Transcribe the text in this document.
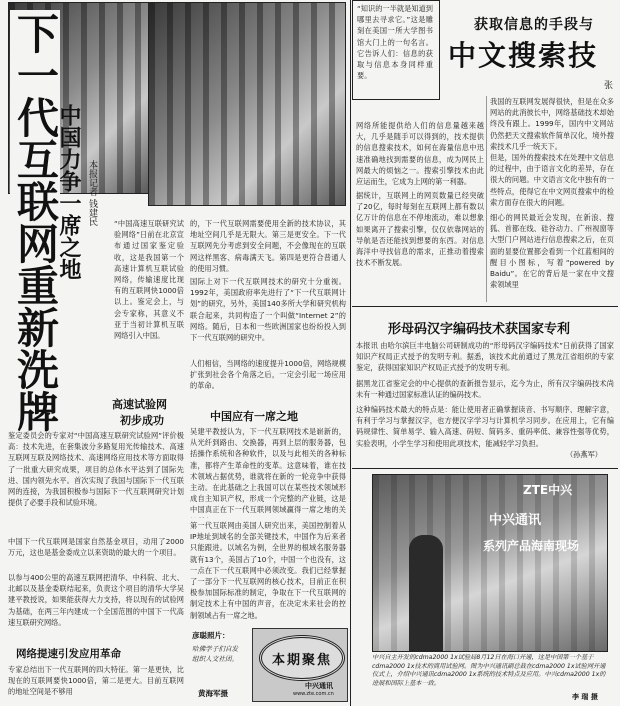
下一代互联网重新洗牌
中国力争一席之地 本报记者 钱建民 “中国高速互联研究试验网络”日前在北京宣布通过国家鉴定验收，这是我国第一个高速计算机互联试验网络，传输速度比现有的互联网快1000倍以上。鉴定会上，与会专家称，其意义不亚于当初计算机互联网络引入中国。
高速试验网
初步成功
鉴定委员会的专家对“中国高速互联研究试验网”评价极高：技术先进，在套集波分多路复用光传输技术、高速互联网互联及网络技术、高速网络应用技术等方面取得了一批重大研究成果，项目的总体水平达到了国际先进、国内领先水平。首次实现了我国与国际下一代互联网的连接，为我国积极参与国际下一代互联网研究计划提供了必要手段和试验环境。
中国下一代互联网是国家自然基金项目，动用了2000万元，这也是基金委成立以来资助的最大的一个项目。
以参与400公里的高速互联网把清华、中科院、北大、北邮以及基金委联结起来，负责这个项目的清华大学吴建平教授说，如果能获得大力支持，将以现有的试验网为基础，在两三年内建成一个全国范围的中国下一代高速互联研究网络。
网络提速引发应用革命
专家总结出下一代互联网的四大特征。第一是更快，比现在的互联网要快1000倍，第二是更大。目前互联网的地址空间是不够用
的，下一代互联网需要使用全新的技术协议，其地址空间几乎是无限大。第三是更安全。下一代互联网先分考虑到安全问题，不会像现在的互联网这样黑客、病毒满天飞。第四是更符合普通人的使用习惯。
国际上对下一代互联网技术的研究十分重视。1992年，美国政府率先进行了“下一代互联网计划”的研究，另外，美国140多所大学和研究机构联合起来，共同构造了一个叫做“Internet 2”的网络。随后，日本和一些欧洲国家也纷纷投入到下一代互联网的研究中。
人们相信，当网络的速度提升1000倍，网络规模扩张到社会各个角落之后，一定会引起一场应用的革命。
中国应有一席之地
吴建平教授认为，下一代互联网技术是崭新的，从光纤到路由、交换器，再到上层的服务器，包括操作系统和各种软件，以及与此相关的各种标准，都将产生革命性的变革。这意味着，谁在技术领域占据优势，谁就将在新的一轮竞争中获得主动。在此基础之上我国可以在某些技术领域形成自主知识产权，形成一个完整的产业链，这是中国真正在下一代互联网领域赢得一席之地的关
第一代互联网由美国人研究出来，美国控制着从IP地址到域名的全部关键技术，中国作为后来者只能跟进。以域名为例，全世界的根域名服务器就有13个，美国占了10个，中国一个也没有，这一点在下一代互联网中必须改变。我们已经掌握了一部分下一代互联网的核心技术，目前正在积极参加国际标准的制定，争取在下一代互联网的制定技术上有中国的声音，在决定未来社会的控制领域占有一席之地。
彦聪照片：
哈佛学子们自发组织人文社团。
黄海军摄
本期聚焦
中兴通讯
www.zte.com.cn
“知识的一半就是知道到哪里去寻求它。”这是雕刻在美国一所大学图书馆大门上的一句名言。它告诉人们：信息的获取与信息本身同样重要。
获取信息的手段与
中文搜索技
张
网络所能提供给人们的信息量越来越大，几乎是随手可以得到的，技术提供的信息搜索技术，如何在海量信息中迅速准确地找到需要的信息，成为网民上网最大的烦恼之一。搜索引擎技术由此应运而生，它成为上网的第一利器。
据统计，互联网上的网页数量已经突破了20亿，每时每刻在互联网上都有数以亿万计的信息在不停地流动，难以想象如果离开了搜索引擎，仅仅依靠网站的导航是否还能找到想要的东西。对信息海洋中寻找信息的需求，正推动着搜索技术不断发展。
我国的互联网发展得很快，但是在众多网站的此消彼长中，网络基础技术却始终没有跟上。1999年，国内中文网站仍然把天文搜索软件简单汉化，境外搜索技术几乎一统天下。
但是，国外的搜索技术在处理中文信息的过程中，由于语言文化的差异，存在很大的问题。中文语言文化中独有的一些特点，使得它在中文网页搜索中的检索方面存在很大的问题。
细心的网民最近会发现，在新浪、搜狐、首都在线、硅谷动力、广州视窗等大型门户网站进行信息搜索之后，在页面的显要位置都会看到一个红蓝相间的醒目小图标，写着“powered by Baidu”。在它的背后是一家在中文搜索领域里
形母码汉字编码技术获国家专利
本报讯 由哈尔滨巨丰电脑公司研制成功的“形母码汉字编码技术”日前获得了国家知识产权局正式授予的发明专利。据悉，该技术此前通过了黑龙江省组织的专家鉴定，获得国家知识产权局正式授予的发明专利。
据黑龙江省鉴定会的中心提供的查新报告显示，迄今为止，所有汉字编码技术尚未有一种通过国家标准认证的编码技术。
这种编码技术最大的特点是：能让使用者正确掌握读音、书写顺序、理解字意，有利于学习与掌握汉字，也方便汉字学习与计算机学习同步。在应用上，它有编码规律性、简单易学、输入高速、码短、简码多、重码率低、兼容性强等优势，实验表明，小学生学习和使用此项技术，能减轻学习负担。
（孙燕军）
ZTE中兴
中兴通讯
系列产品海南现场
中兴自主开发的cdma2000 1x试验局8月12日在海口开通，这是中国第一个基于cdma2000 1x技术的商用试验网。图为中兴通讯副总裁在cdma2000 1x试验网开通仪式上，介绍中兴通讯cdma2000 1x系统的技术特点及应用。中兴cdma2000 1x的进展和国际上基本一致。
李 瑞 摄
